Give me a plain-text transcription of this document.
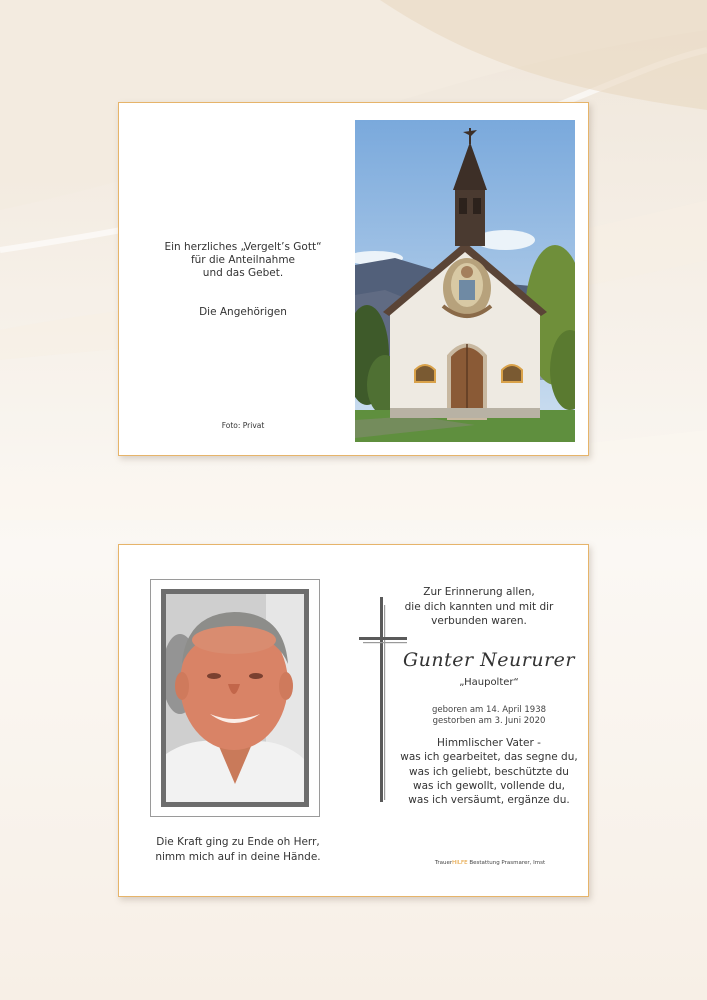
Ein herzliches „Vergelt’s Gott“
für die Anteilnahme
und das Gebet.
Die Angehörigen
Foto: Privat
Die Kraft ging zu Ende oh Herr,
nimm mich auf in deine Hände.
Zur Erinnerung allen,
die dich kannten und mit dir
verbunden waren.
Gunter Neururer
„Haupolter“
geboren am 14. April 1938
gestorben am 3. Juni 2020
Himmlischer Vater -
was ich gearbeitet, das segne du,
was ich geliebt, beschützte du
was ich gewollt, vollende du,
was ich versäumt, ergänze du.
TrauerHILFE Bestattung Prasmarer, Imst
